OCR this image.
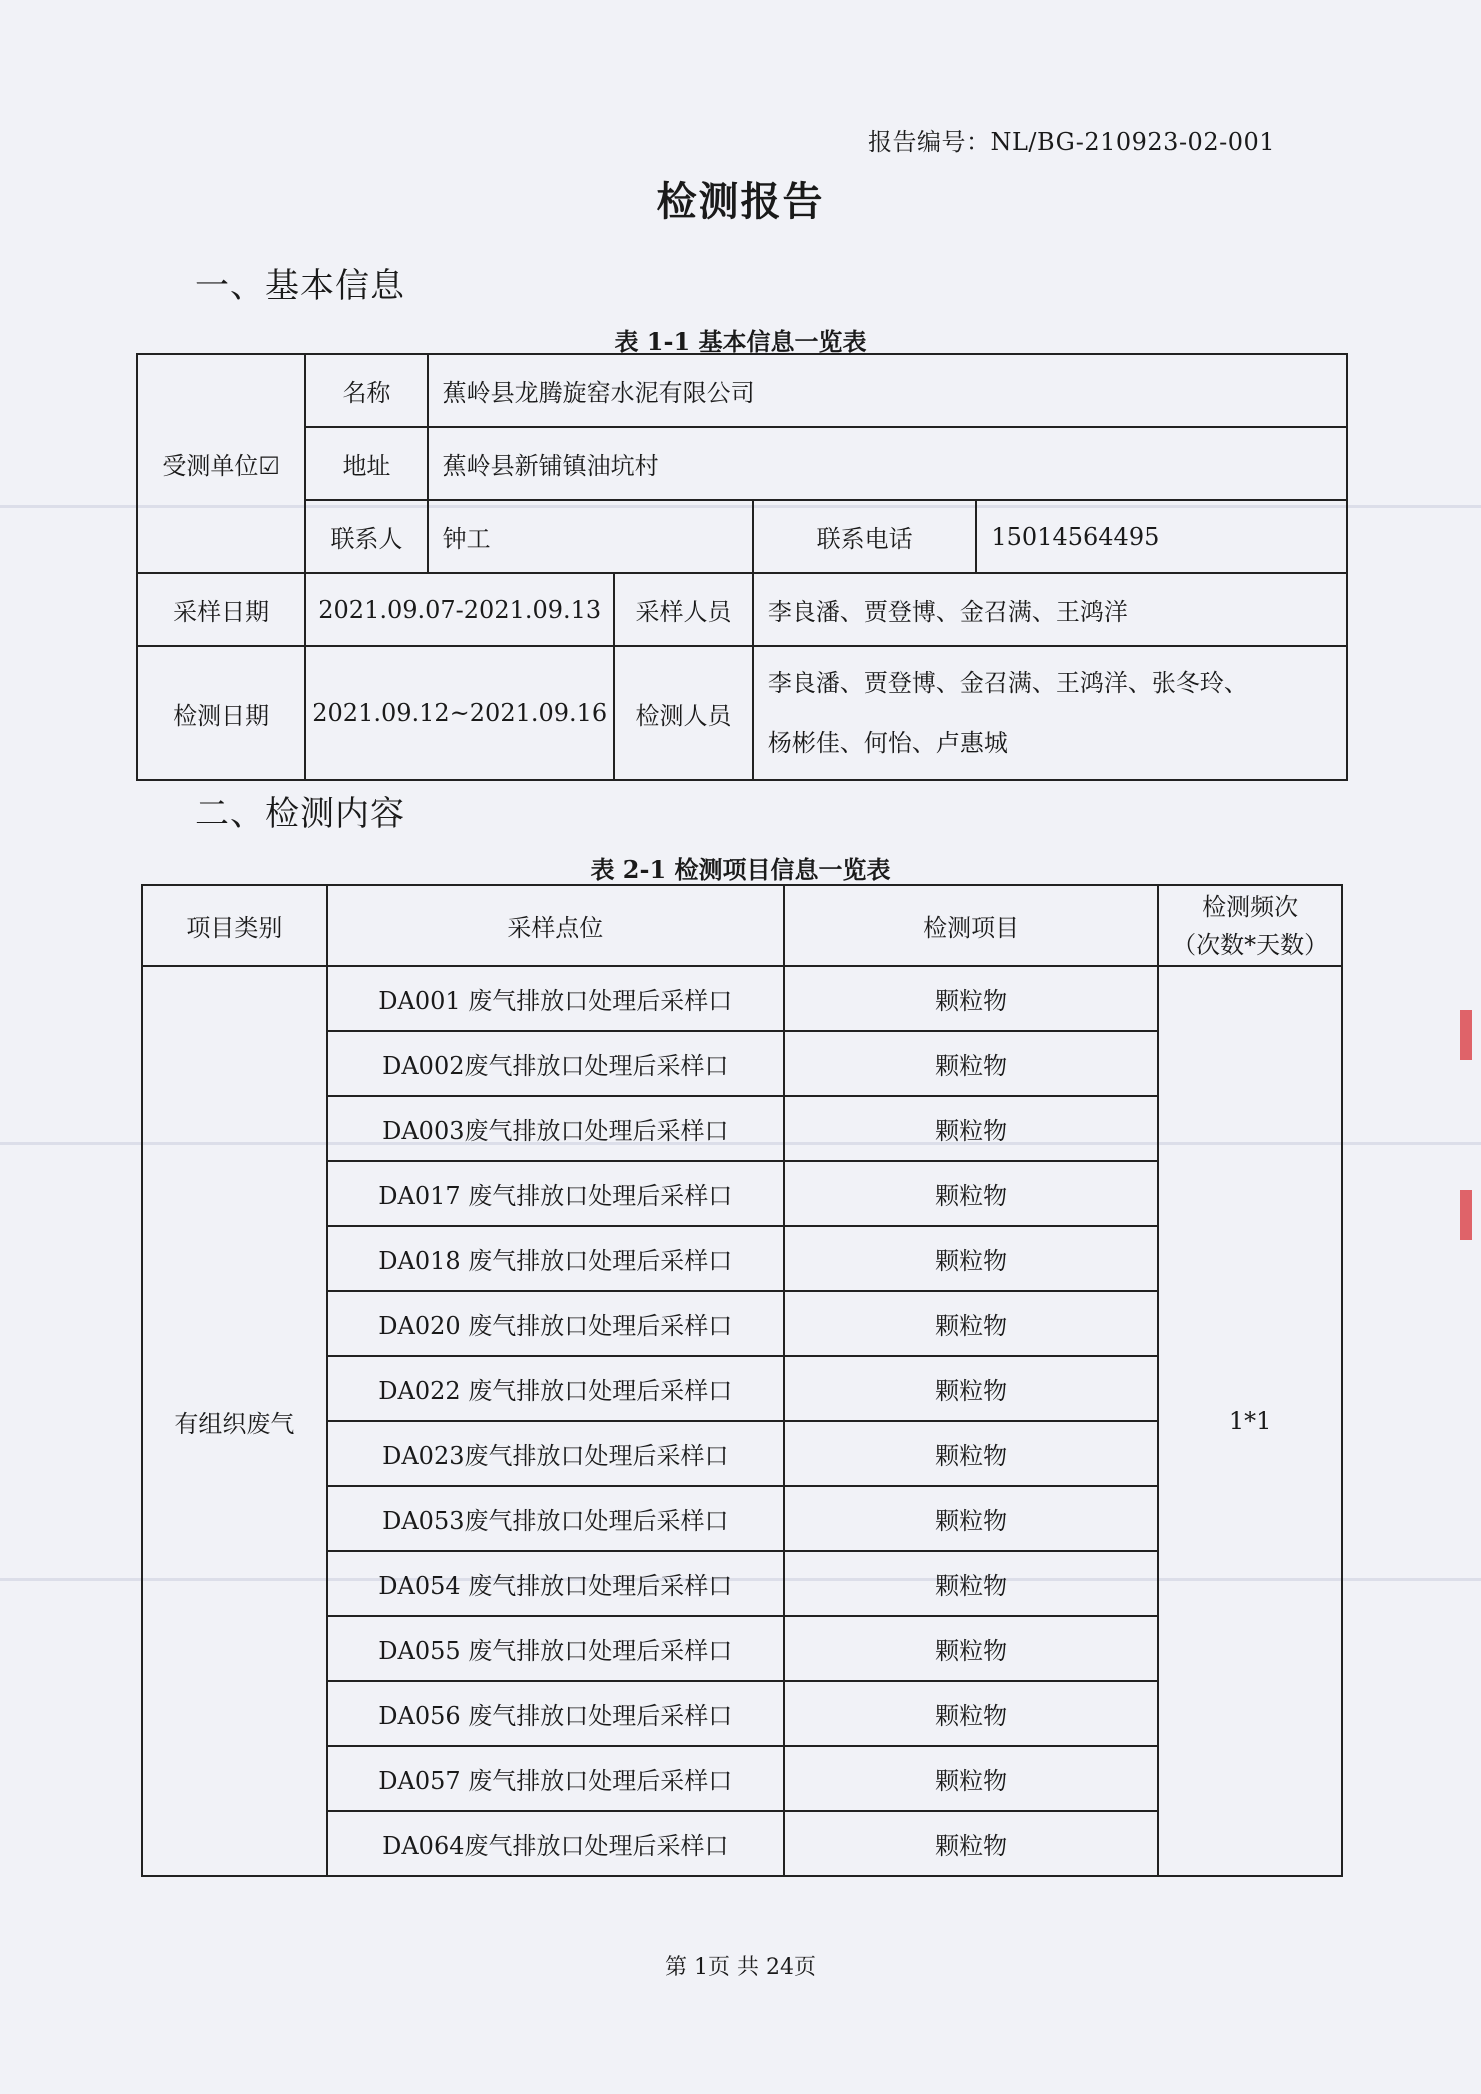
报告编号：NL/BG-210923-02-001
检测报告
一、基本信息
表 1-1 基本信息一览表
受测单位☑	名称	蕉岭县龙腾旋窑水泥有限公司			
	地址	蕉岭县新铺镇油坑村			
	联系人	钟工		联系电话	15014564495
采样日期	2021.09.07-2021.09.13		采样人员	李良潘、贾登博、金召满、王鸿洋	
检测日期	2021.09.12~2021.09.16		检测人员	李良潘、贾登博、金召满、王鸿洋、张冬玲、
杨彬佳、何怡、卢惠城	
二、检测内容
表 2-1 检测项目信息一览表
项目类别	采样点位	检测项目	检测频次
（次数*天数）

有组织废气	DA001 废气排放口处理后采样口	颗粒物	1*1
	DA002废气排放口处理后采样口	颗粒物	
	DA003废气排放口处理后采样口	颗粒物	
	DA017 废气排放口处理后采样口	颗粒物	
	DA018 废气排放口处理后采样口	颗粒物	
	DA020 废气排放口处理后采样口	颗粒物	
	DA022 废气排放口处理后采样口	颗粒物	
	DA023废气排放口处理后采样口	颗粒物	
	DA053废气排放口处理后采样口	颗粒物	
	DA054 废气排放口处理后采样口	颗粒物	
	DA055 废气排放口处理后采样口	颗粒物	
	DA056 废气排放口处理后采样口	颗粒物	
	DA057 废气排放口处理后采样口	颗粒物	
	DA064废气排放口处理后采样口	颗粒物	
第 1页 共 24页
